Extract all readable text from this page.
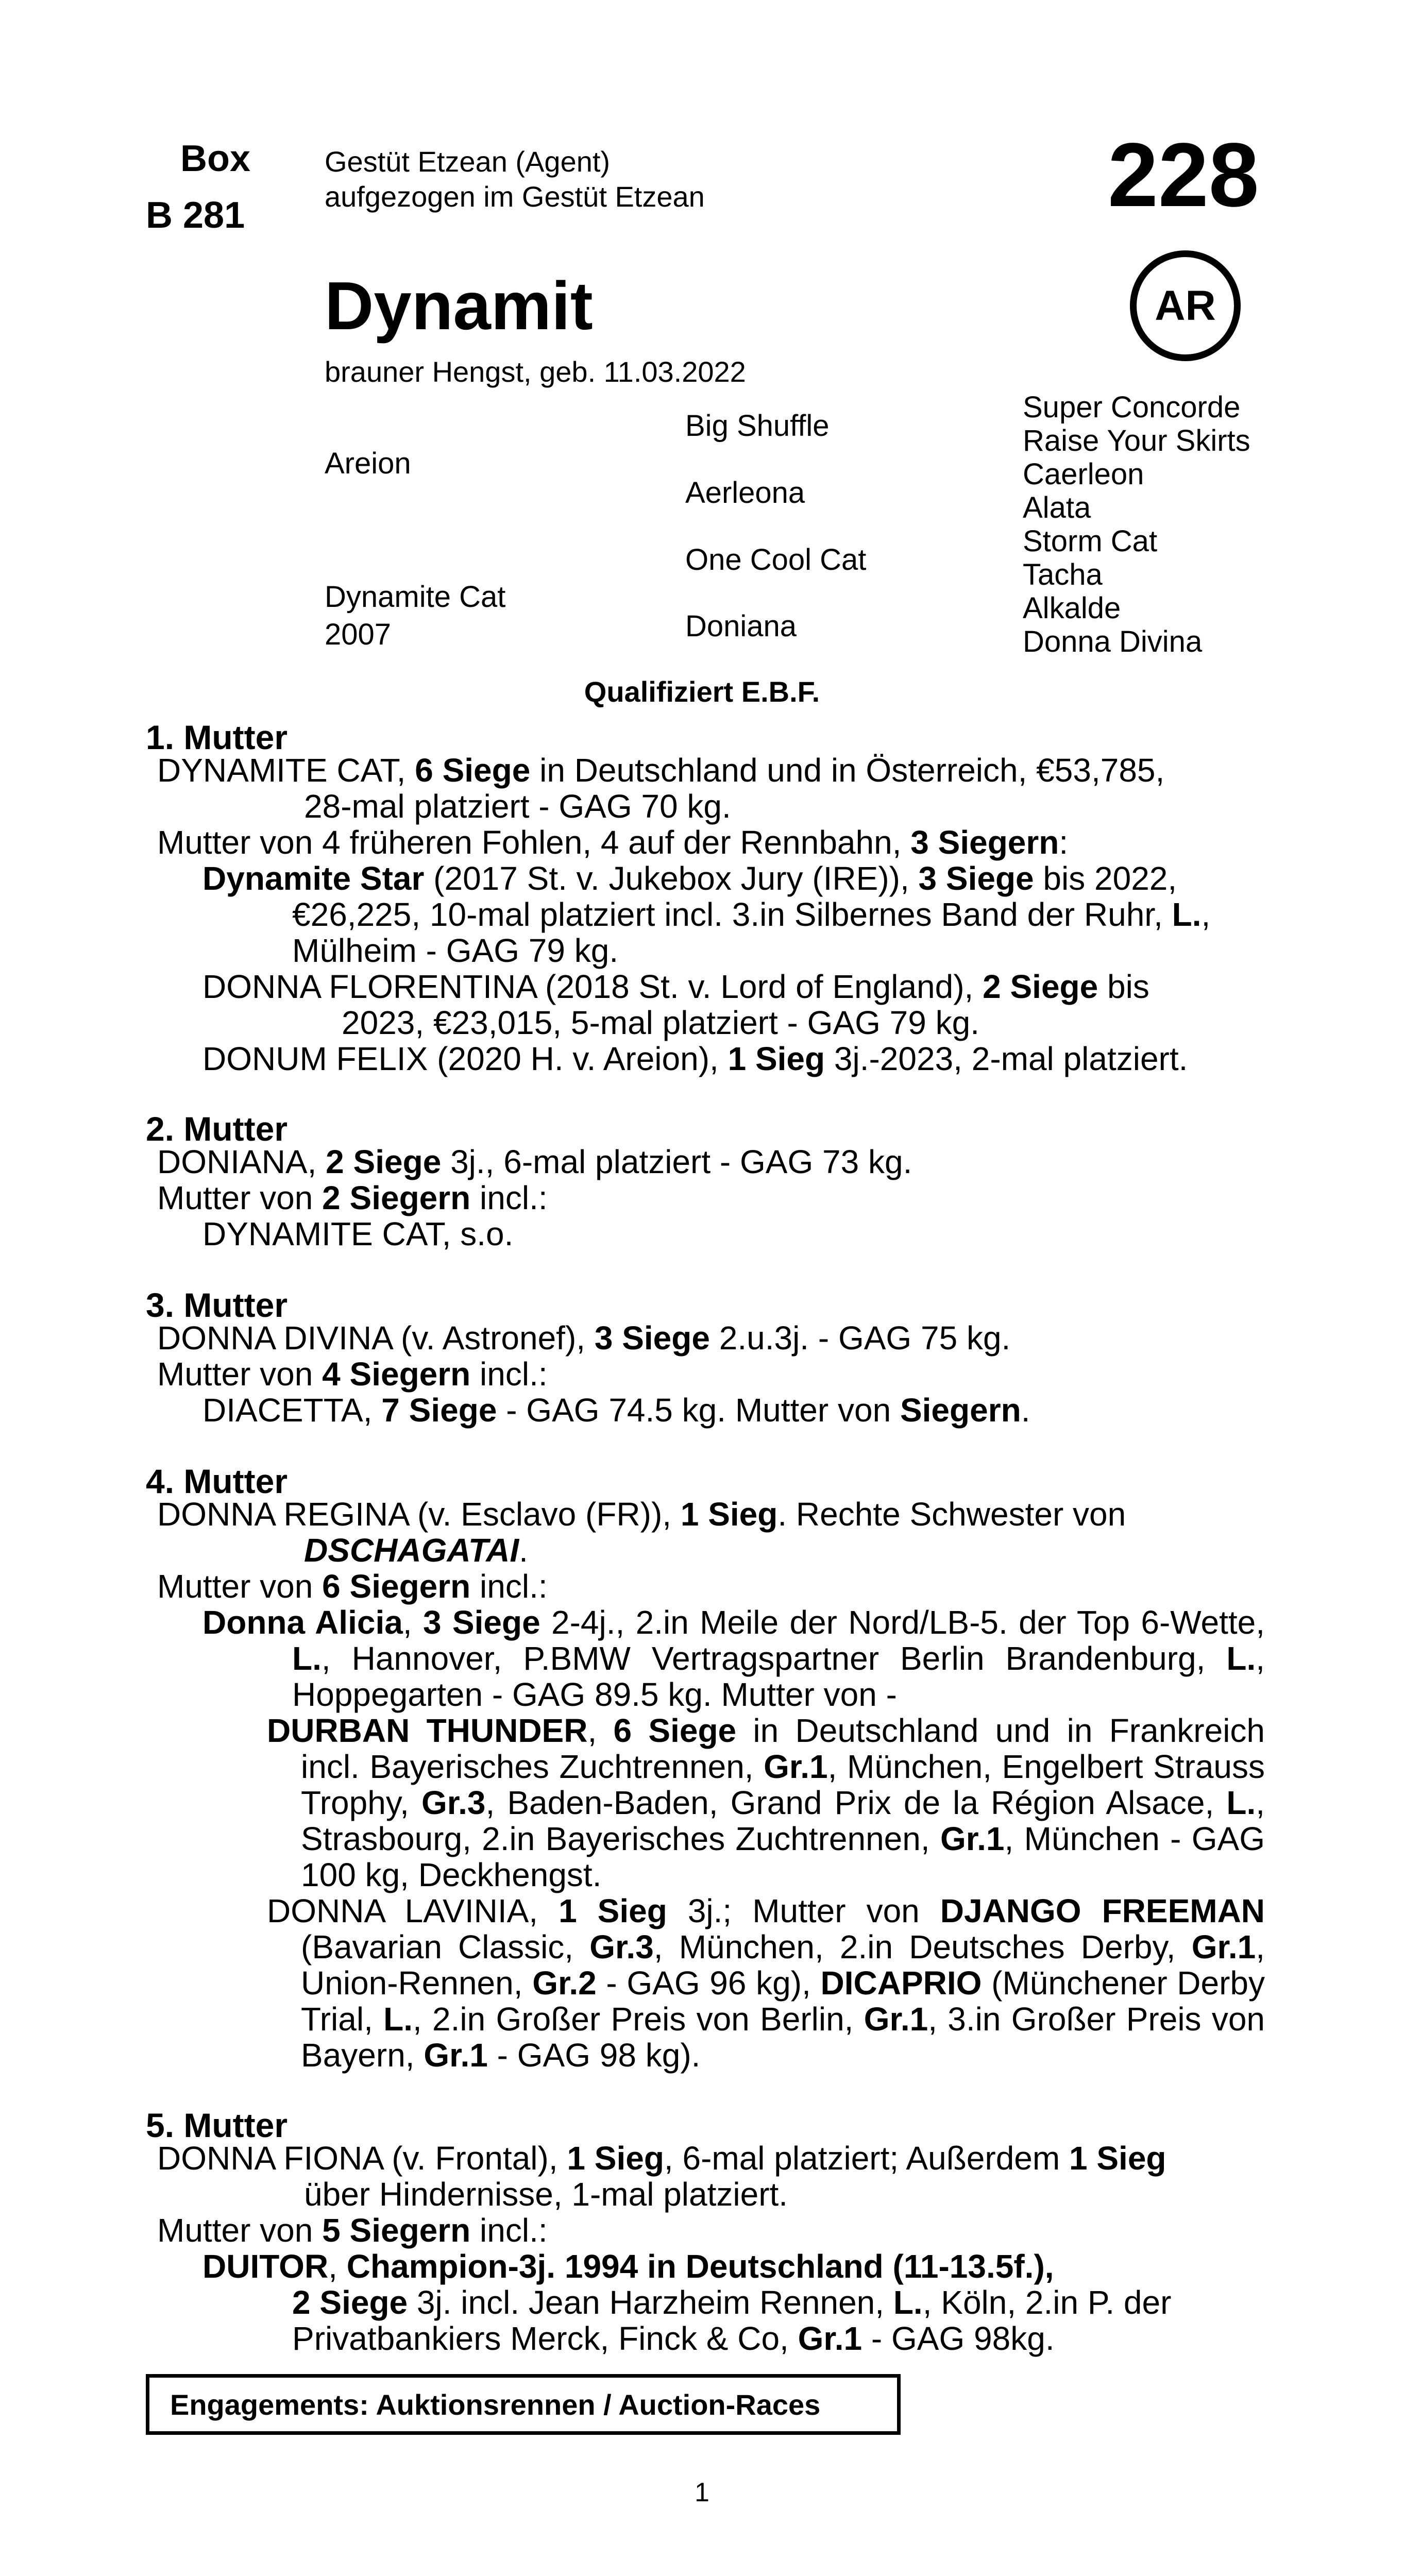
Box
B 281
Gestüt Etzean (Agent)
aufgezogen im Gestüt Etzean	228
AR
Dynamit
brauner Hengst, geb. 11.03.2022
Areion
Dynamite Cat
2007
Big Shuffle
Aerleona
One Cool Cat
Doniana
Super Concorde
Raise Your Skirts
Caerleon
Alata
Storm Cat
Tacha
Alkalde
Donna Divina
Qualifiziert E.B.F.
1. Mutter
DYNAMITE CAT, 6 Siege in Deutschland und in Österreich, €53,785,
28-mal platziert - GAG 70 kg.
Mutter von 4 früheren Fohlen, 4 auf der Rennbahn, 3 Siegern:
Dynamite Star (2017 St. v. Jukebox Jury (IRE)), 3 Siege bis 2022,
€26,225, 10-mal platziert incl. 3.in Silbernes Band der Ruhr, L.,
Mülheim - GAG 79 kg.
DONNA FLORENTINA (2018 St. v. Lord of England), 2 Siege bis
2023, €23,015, 5-mal platziert - GAG 79 kg.
DONUM FELIX (2020 H. v. Areion), 1 Sieg 3j.-2023, 2-mal platziert.
2. Mutter
DONIANA, 2 Siege 3j., 6-mal platziert - GAG 73 kg.
Mutter von 2 Siegern incl.:
DYNAMITE CAT, s.o.
3. Mutter
DONNA DIVINA (v. Astronef), 3 Siege 2.u.3j. - GAG 75 kg.
Mutter von 4 Siegern incl.:
DIACETTA, 7 Siege - GAG 74.5 kg. Mutter von Siegern.
4. Mutter
DONNA REGINA (v. Esclavo (FR)), 1 Sieg. Rechte Schwester von
DSCHAGATAI.
Mutter von 6 Siegern incl.:
Donna Alicia, 3 Siege 2-4j., 2.in Meile der Nord/LB-5. der Top 6-Wette, L., Hannover, P.BMW Vertragspartner Berlin Brandenburg, L., Hoppegarten - GAG 89.5 kg. Mutter von -
DURBAN THUNDER, 6 Siege in Deutschland und in Frankreich incl. Bayerisches Zuchtrennen, Gr.1, München, Engelbert Strauss Trophy, Gr.3, Baden-Baden, Grand Prix de la Région Alsace, L., Strasbourg, 2.in Bayerisches Zuchtrennen, Gr.1, München - GAG 100 kg, Deckhengst.
DONNA LAVINIA, 1 Sieg 3j.; Mutter von DJANGO FREEMAN (Bavarian Classic, Gr.3, München, 2.in Deutsches Derby, Gr.1, Union-Rennen, Gr.2 - GAG 96 kg), DICAPRIO (Münchener Derby Trial, L., 2.in Großer Preis von Berlin, Gr.1, 3.in Großer Preis von Bayern, Gr.1 - GAG 98 kg).
5. Mutter
DONNA FIONA (v. Frontal), 1 Sieg, 6-mal platziert; Außerdem 1 Sieg
über Hindernisse, 1-mal platziert.
Mutter von 5 Siegern incl.:
DUITOR, Champion-3j. 1994 in Deutschland (11-13.5f.),
2 Siege 3j. incl. Jean Harzheim Rennen, L., Köln, 2.in P. der
Privatbankiers Merck, Finck & Co, Gr.1 - GAG 98kg.
Engagements: Auktionsrennen / Auction-Races
1
